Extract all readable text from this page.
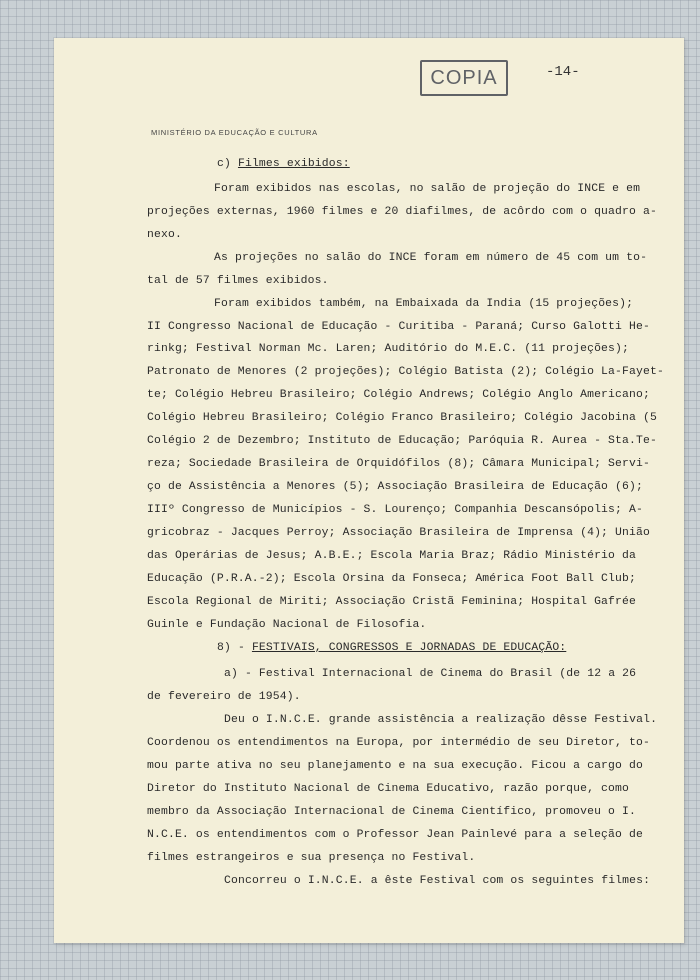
COPIA	-14-
MINISTÉRIO DA EDUCAÇÃO E CULTURA
c) Filmes exibidos:
Foram exibidos nas escolas, no salão de projeção do INCE e em
projeções externas, 1960 filmes e 20 diafilmes, de acôrdo com o quadro a-
nexo.
As projeções no salão do INCE foram em número de 45 com um to-
tal de 57 filmes exibidos.
Foram exibidos também, na Embaixada da India (15 projeções);
II Congresso Nacional de Educação - Curitiba - Paraná; Curso Galotti He-
rinkg; Festival Norman Mc. Laren; Auditório do M.E.C. (11 projeções);
Patronato de Menores (2 projeções); Colégio Batista (2); Colégio La-Fayet-
te; Colégio Hebreu Brasileiro; Colégio Andrews; Colégio Anglo Americano;
Colégio Hebreu Brasileiro; Colégio Franco Brasileiro; Colégio Jacobina (5
Colégio 2 de Dezembro; Instituto de Educação; Paróquia R. Aurea - Sta.Te-
reza; Sociedade Brasileira de Orquidófilos (8); Câmara Municipal; Servi-
ço de Assistência a Menores (5); Associação Brasileira de Educação (6);
IIIº Congresso de Municípios - S. Lourenço; Companhia Descansópolis; A-
gricobraz - Jacques Perroy; Associação Brasileira de Imprensa (4); União
das Operárias de Jesus; A.B.E.; Escola Maria Braz; Rádio Ministério da
Educação (P.R.A.-2); Escola Orsina da Fonseca; América Foot Ball Club;
Escola Regional de Miriti; Associação Cristã Feminina; Hospital Gafrée
Guinle e Fundação Nacional de Filosofia.
8) - FESTIVAIS, CONGRESSOS E JORNADAS DE EDUCAÇÃO:
a) - Festival Internacional de Cinema do Brasil (de 12 a 26
de fevereiro de 1954).
Deu o I.N.C.E. grande assistência a realização dêsse Festival.
Coordenou os entendimentos na Europa, por intermédio de seu Diretor, to-
mou parte ativa no seu planejamento e na sua execução. Ficou a cargo do
Diretor do Instituto Nacional de Cinema Educativo, razão porque, como
membro da Associação Internacional de Cinema Científico, promoveu o I.
N.C.E. os entendimentos com o Professor Jean Painlevé para a seleção de
filmes estrangeiros e sua presença no Festival.
Concorreu o I.N.C.E. a êste Festival com os seguintes filmes:
